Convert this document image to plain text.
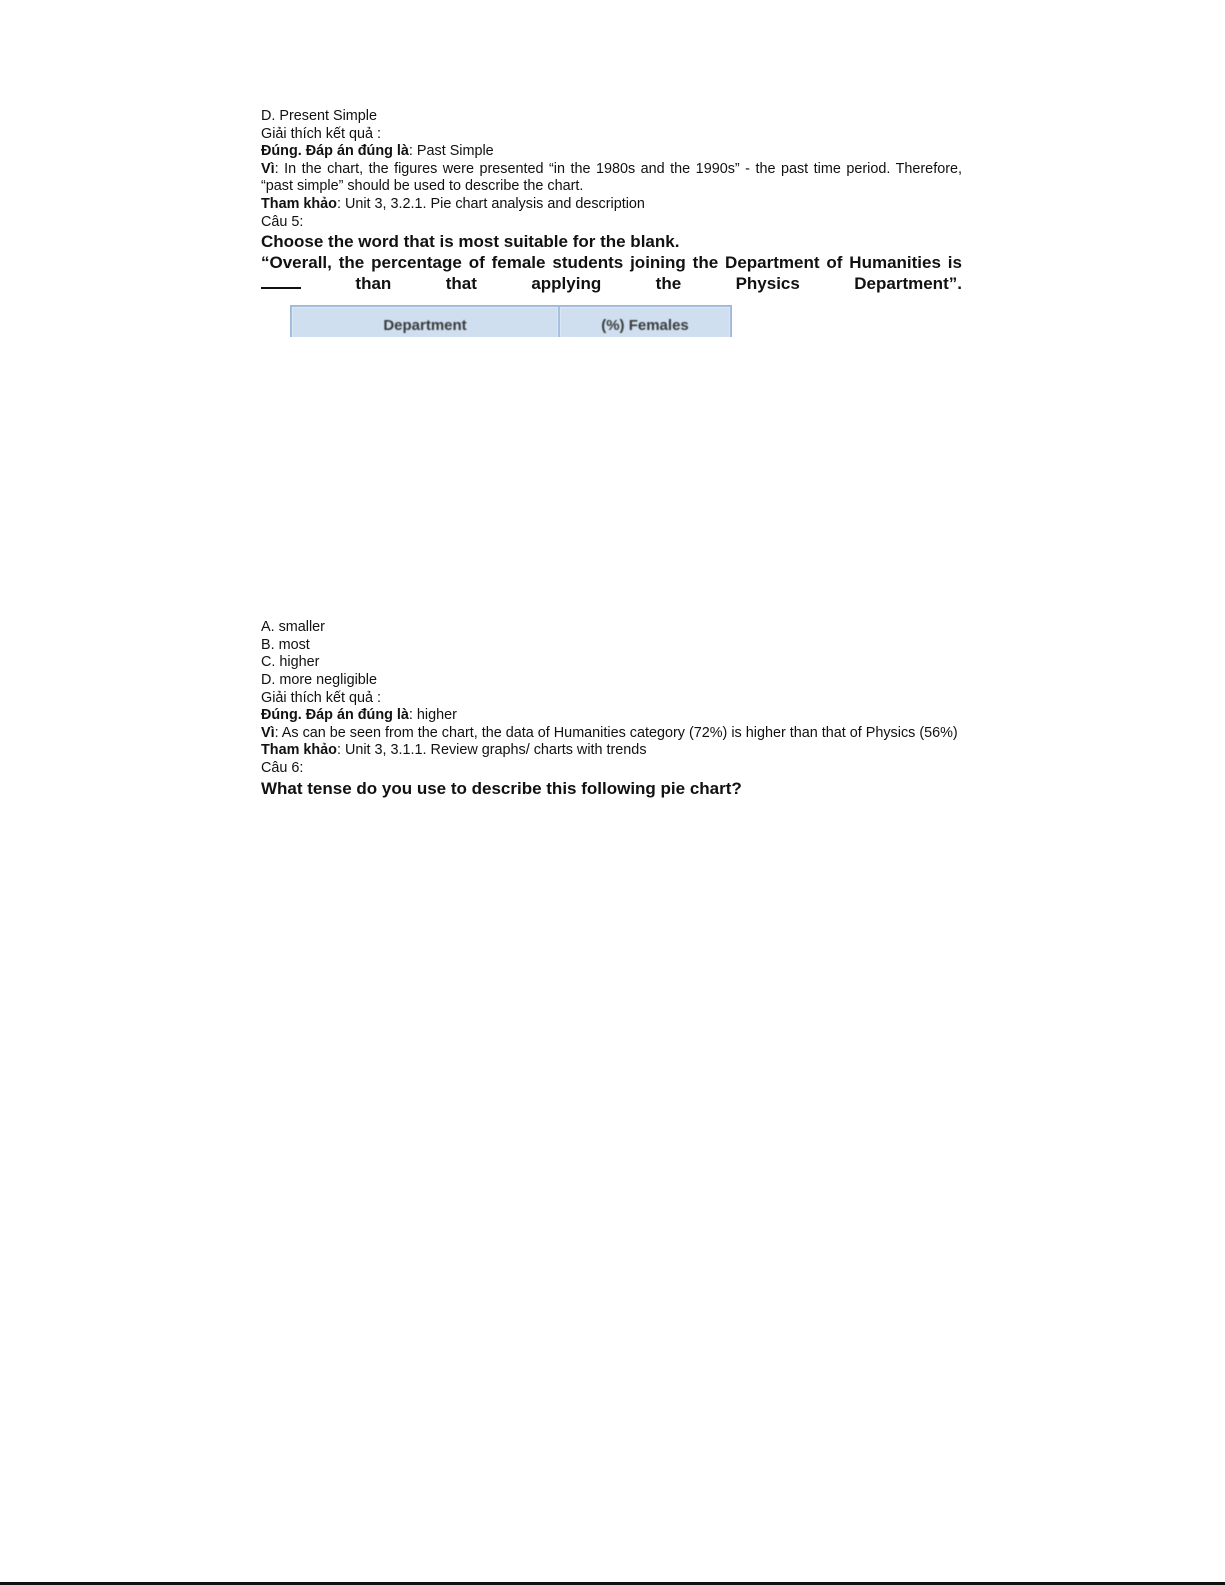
D. Present Simple
Giải thích kết quả :
Đúng. Đáp án đúng là: Past Simple
Vì: In the chart, the figures were presented “in the 1980s and the 1990s” - the past time period. Therefore, “past simple” should be used to describe the chart.
Tham khảo: Unit 3, 3.2.1. Pie chart analysis and description
Câu 5:
Choose the word that is most suitable for the blank.
“Overall, the percentage of female students joining the Department of Humanities is
than	that	applying	the	Physics	Department”.
A. smaller
B. most
C. higher
D. more negligible
Giải thích kết quả :
Đúng. Đáp án đúng là: higher
Vì: As can be seen from the chart, the data of Humanities category (72%) is higher than that of Physics (56%)
Tham khảo: Unit 3, 3.1.1. Review graphs/ charts with trends
Câu 6:
What tense do you use to describe this following pie chart?
Department	(%) Females
